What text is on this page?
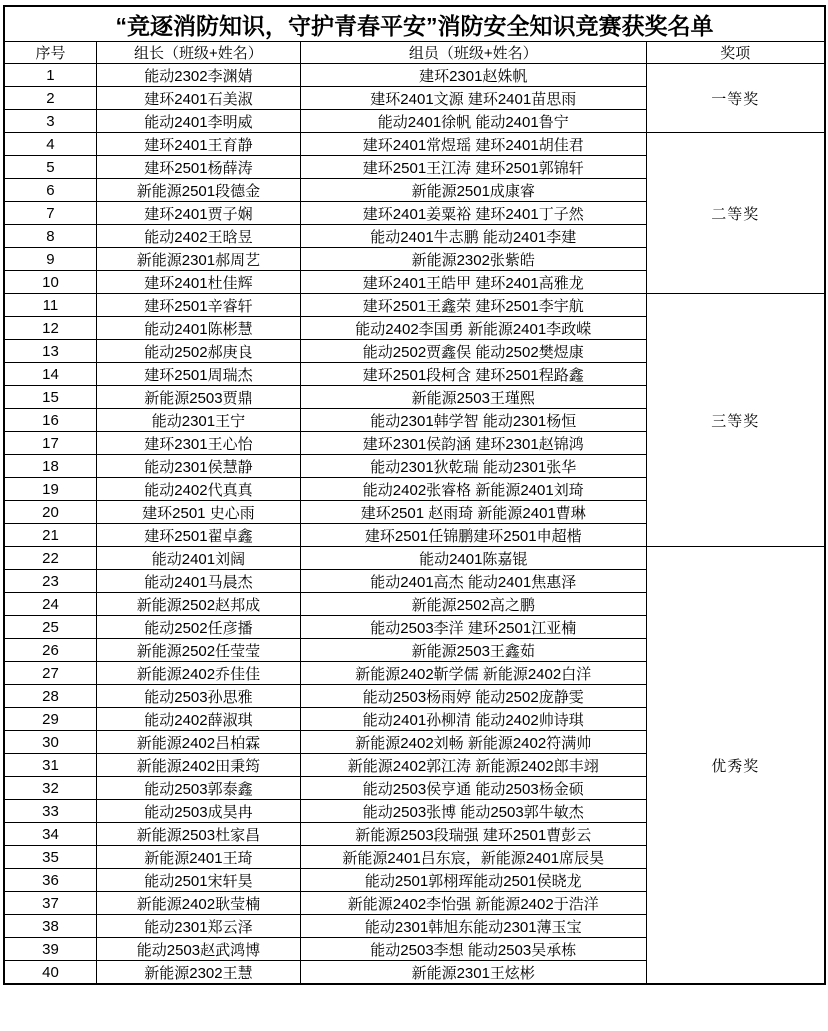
“竞逐消防知识，守护青春平安”消防安全知识竞赛获奖名单			
序号	组长（班级+姓名）	组员（班级+姓名）	奖项
1	能动2302李渊婧	建环2301赵姝帆	一等奖
2	建环2401石美淑	建环2401文源 建环2401苗思雨	
3	能动2401李明威	能动2401徐帆 能动2401鲁宁	
4	建环2401王育静	建环2401常煜瑶 建环2401胡佳君	二等奖
5	建环2501杨薛涛	建环2501王江涛 建环2501郭锦轩	
6	新能源2501段德金	新能源2501成康睿	
7	建环2401贾子娴	建环2401姜粟裕 建环2401丁子然	
8	能动2402王晗昱	能动2401牛志鹏 能动2401李建	
9	新能源2301郝周艺	新能源2302张紫皓	
10	建环2401杜佳辉	建环2401王皓甲 建环2401高雅龙	
11	建环2501辛睿轩	建环2501王鑫荣 建环2501李宇航	三等奖
12	能动2401陈彬慧	能动2402李国勇 新能源2401李政嵘	
13	能动2502郝庚良	能动2502贾鑫俣 能动2502樊煜康	
14	建环2501周瑞杰	建环2501段柯含 建环2501程路鑫	
15	新能源2503贾鼎	新能源2503王瑾熙	
16	能动2301王宁	能动2301韩学智 能动2301杨恒	
17	建环2301王心怡	建环2301侯韵涵 建环2301赵锦鸿	
18	能动2301侯慧静	能动2301狄乾瑞 能动2301张华	
19	能动2402代真真	能动2402张睿格 新能源2401刘琦	
20	建环2501 史心雨	建环2501 赵雨琦 新能源2401曹琳	
21	建环2501翟卓鑫	建环2501任锦鹏建环2501申超楷	
22	能动2401刘阔	能动2401陈嘉锟	优秀奖
23	能动2401马晨杰	能动2401高杰 能动2401焦惠泽	
24	新能源2502赵邦成	新能源2502高之鹏	
25	能动2502任彦播	能动2503李洋 建环2501江亚楠	
26	新能源2502任莹莹	新能源2503王鑫茹	
27	新能源2402乔佳佳	新能源2402靳学儒 新能源2402白洋	
28	能动2503孙思雅	能动2503杨雨婷 能动2502庞静雯	
29	能动2402薛淑琪	能动2401孙柳清 能动2402帅诗琪	
30	新能源2402吕柏霖	新能源2402刘畅 新能源2402符满帅	
31	新能源2402田秉筠	新能源2402郭江涛 新能源2402郎丰翊	
32	能动2503郭泰鑫	能动2503侯亨通 能动2503杨金硕	
33	能动2503成昊冉	能动2503张博 能动2503郭牛敏杰	
34	新能源2503杜家昌	新能源2503段瑞强 建环2501曹彭云	
35	新能源2401王琦	新能源2401吕东宸，新能源2401席辰昊	
36	能动2501宋轩昊	能动2501郭栩珲能动2501侯晓龙	
37	新能源2402耿莹楠	新能源2402李怡强 新能源2402于浩洋	
38	能动2301郑云泽	能动2301韩旭东能动2301薄玉宝	
39	能动2503赵武鸿博	能动2503李想 能动2503吴承栋	
40	新能源2302王慧	新能源2301王炫彬	
